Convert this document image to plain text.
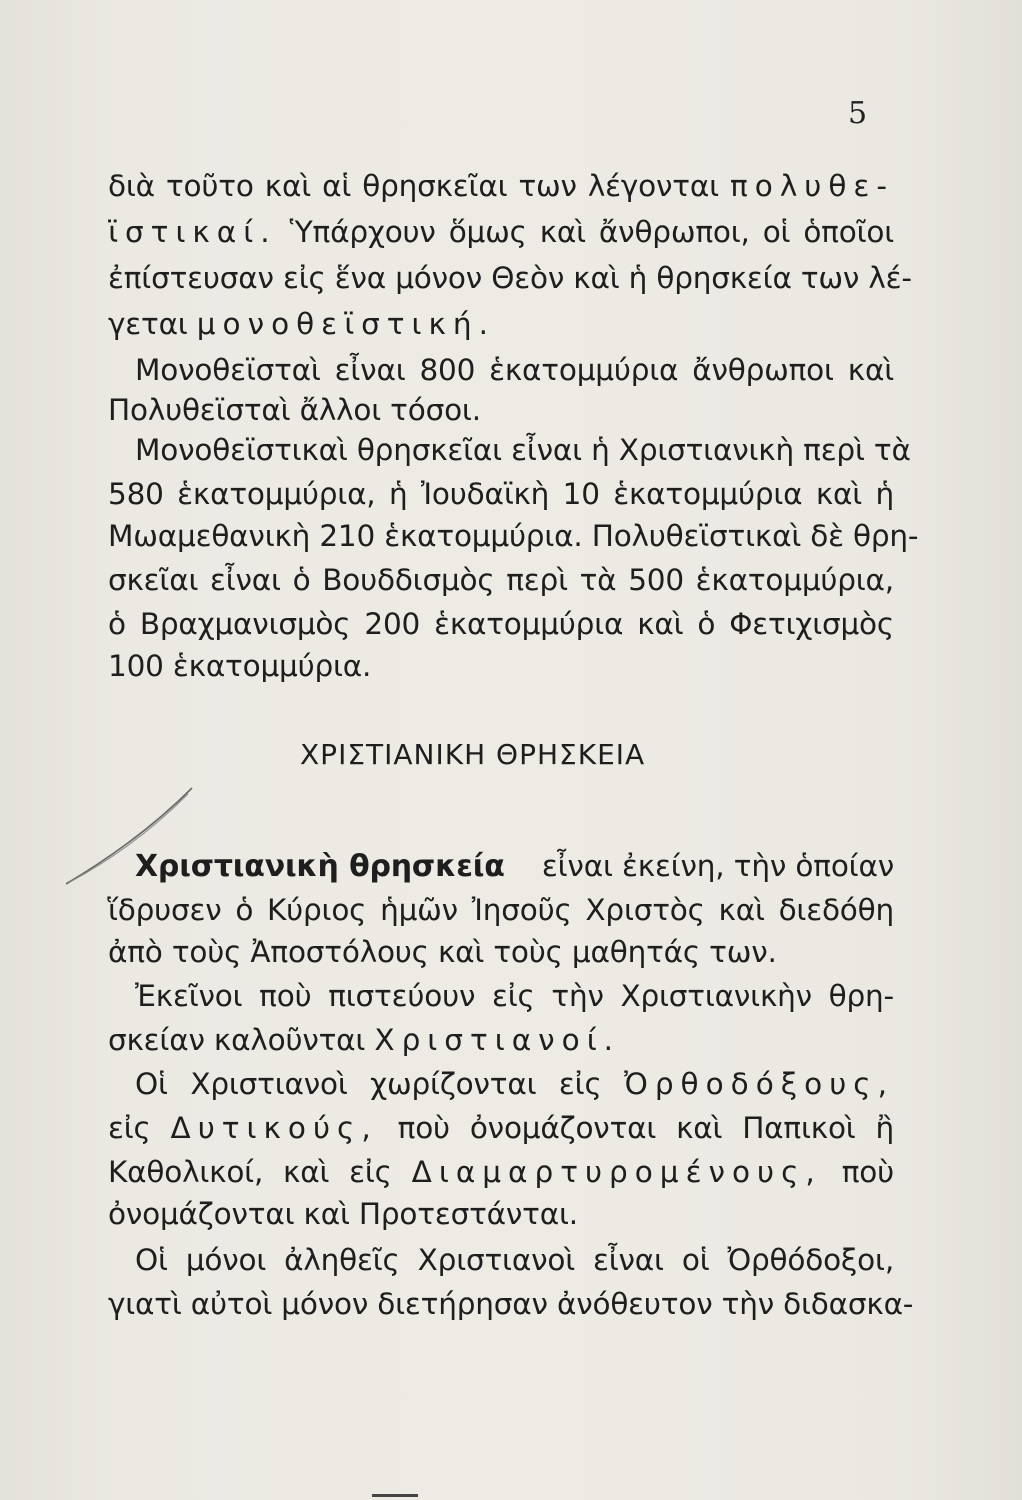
5
διὰ τοῦτο καὶ αἱ θρησκεῖαι των λέγονται πολυθε-
ϊστικαί. Ὑπάρχουν ὅμως καὶ ἄνθρωποι, οἱ ὁποῖοι
ἐπίστευσαν εἰς ἕνα μόνον Θεὸν καὶ ἡ θρησκεία των λέ-
γεται μονοθεϊστική.
Μονοθεϊσταὶ εἶναι 800 ἑκατομμύρια ἄνθρωποι καὶ
Πολυθεϊσταὶ ἄλλοι τόσοι.
Μονοθεϊστικαὶ θρησκεῖαι εἶναι ἡ Χριστιανικὴ περὶ τὰ
580 ἑκατομμύρια, ἡ Ἰουδαϊκὴ 10 ἑκατομμύρια καὶ ἡ
Μωαμεθανικὴ 210 ἑκατομμύρια. Πολυθεϊστικαὶ δὲ θρη-
σκεῖαι εἶναι ὁ Βουδδισμὸς περὶ τὰ 500 ἑκατομμύρια,
ὁ Βραχμανισμὸς 200 ἑκατομμύρια καὶ ὁ Φετιχισμὸς
100 ἑκατομμύρια.
ΧΡΙΣΤΙΑΝΙΚΗ ΘΡΗΣΚΕΙΑ
Χριστιανικὴ θρησκεία εἶναι ἐκείνη, τὴν ὁποίαν
ἵδρυσεν ὁ Κύριος ἡμῶν Ἰησοῦς Χριστὸς καὶ διεδόθη
ἀπὸ τοὺς Ἀποστόλους καὶ τοὺς μαθητάς των.
Ἐκεῖνοι ποὺ πιστεύουν εἰς τὴν Χριστιανικὴν θρη-
σκείαν καλοῦνται Χριστιανοί.
Οἱ Χριστιανοὶ χωρίζονται εἰς Ὀρθοδόξους,
εἰς Δυτικούς, ποὺ ὀνομάζονται καὶ Παπικοὶ ἢ
Καθολικοί, καὶ εἰς Διαμαρτυρομένους, ποὺ
ὀνομάζονται καὶ Προτεστάνται.
Οἱ μόνοι ἀληθεῖς Χριστιανοὶ εἶναι οἱ Ὀρθόδοξοι,
γιατὶ αὐτοὶ μόνον διετήρησαν ἀνόθευτον τὴν διδασκα-
